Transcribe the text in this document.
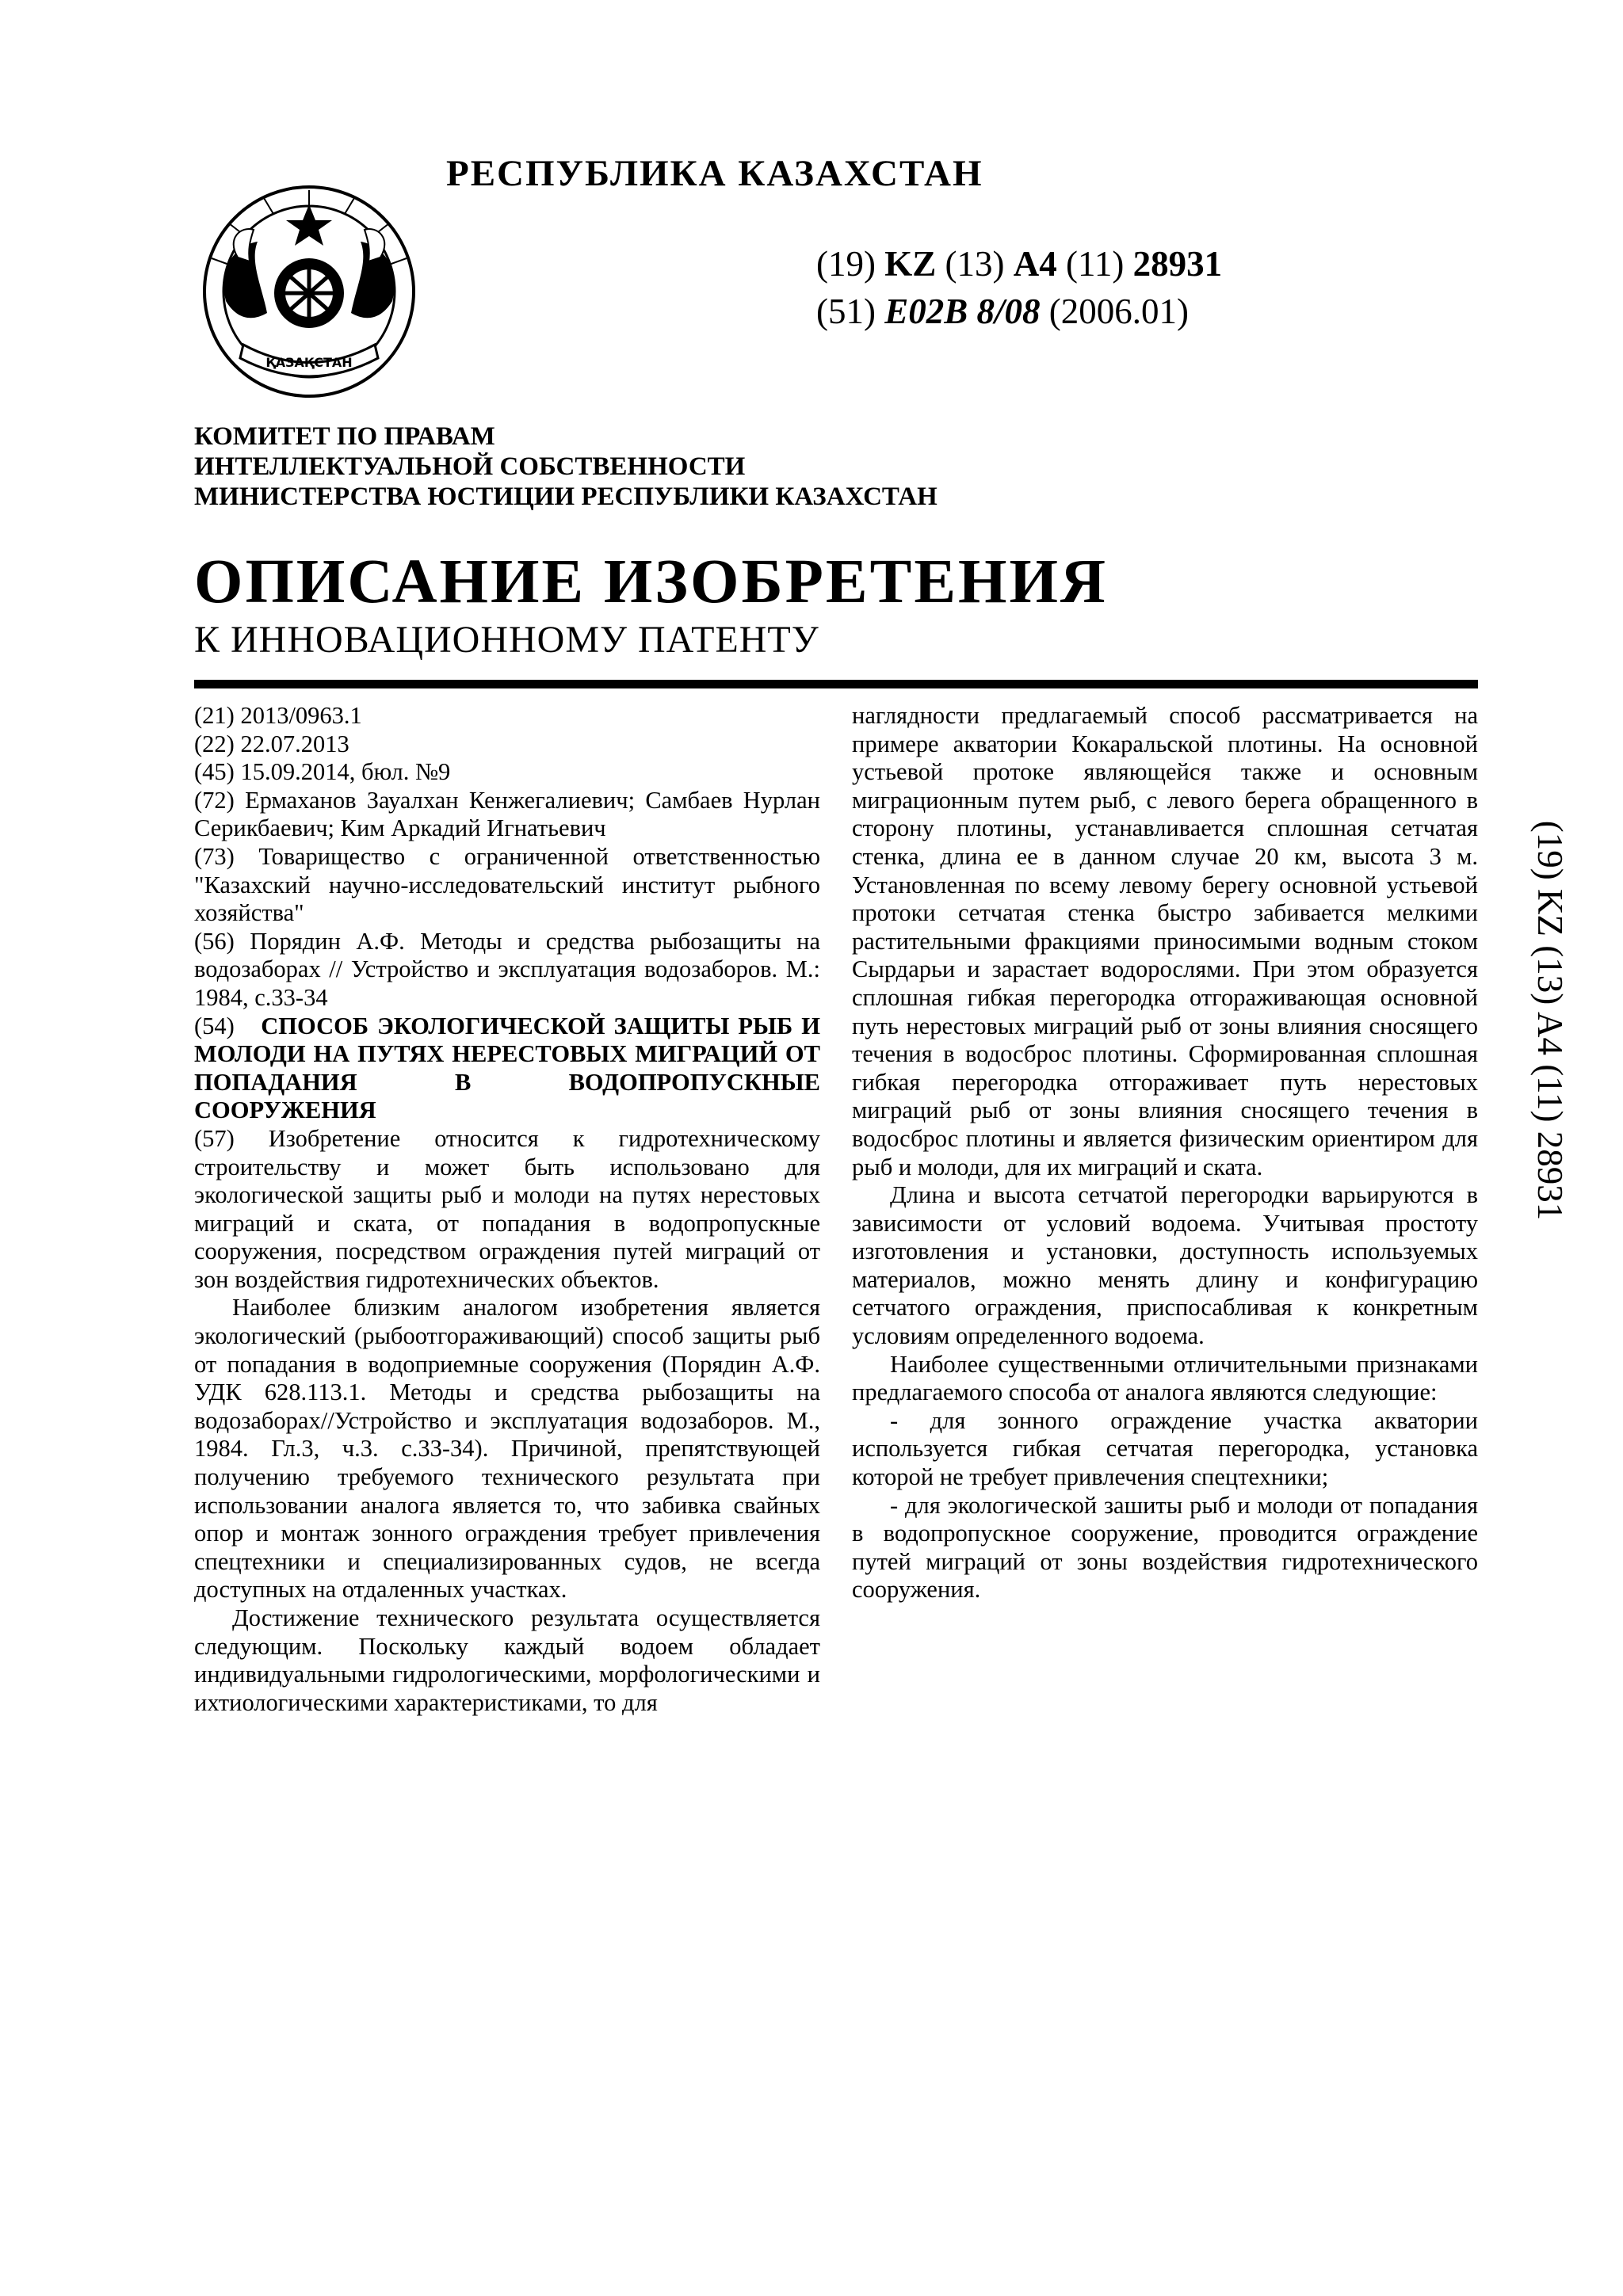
ҚАЗАҚСТАН
РЕСПУБЛИКА КАЗАХСТАН
(19) KZ (13) A4 (11) 28931
(51) E02B 8/08 (2006.01)
КОМИТЕТ ПО ПРАВАМ
ИНТЕЛЛЕКТУАЛЬНОЙ СОБСТВЕННОСТИ
МИНИСТЕРСТВА ЮСТИЦИИ РЕСПУБЛИКИ КАЗАХСТАН
ОПИСАНИЕ ИЗОБРЕТЕНИЯ
К ИННОВАЦИОННОМУ ПАТЕНТУ

(21) 2013/0963.1

(22) 22.07.2013

(45) 15.09.2014, бюл. №9

(72) Ермаханов Зауалхан Кенжегалиевич; Самбаев Нурлан Серикбаевич; Ким Аркадий Игнатьевич

(73) Товарищество с ограниченной ответственностью "Казахский научно-исследовательский институт рыбного хозяйства"

(56) Порядин А.Ф. Методы и средства рыбозащиты на водозаборах // Устройство и эксплуатация водозаборов. М.: 1984, с.33-34

(54) СПОСОБ ЭКОЛОГИЧЕСКОЙ ЗАЩИТЫ РЫБ И МОЛОДИ НА ПУТЯХ НЕРЕСТОВЫХ МИГРАЦИЙ ОТ ПОПАДАНИЯ В ВОДОПРОПУСКНЫЕ СООРУЖЕНИЯ

(57) Изобретение относится к гидротехническому строительству и может быть использовано для экологической защиты рыб и молоди на путях нерестовых миграций и ската, от попадания в водопропускные сооружения, посредством ограждения путей миграций от зон воздействия гидротехнических объектов.

Наиболее близким аналогом изобретения является экологический (рыбоотгораживающий) способ защиты рыб от попадания в водоприемные сооружения (Порядин А.Ф. УДК 628.113.1. Методы и средства рыбозащиты на водозаборах//Устройство и эксплуатация водозаборов. М., 1984. Гл.3, ч.3. с.33-34). Причиной, препятствующей получению требуемого технического результата при использовании аналога является то, что забивка свайных опор и монтаж зонного ограждения требует привлечения спецтехники и специализированных судов, не всегда доступных на отдаленных участках.

Достижение технического результата осуществляется следующим. Поскольку каждый водоем обладает индивидуальными гидрологическими, морфологическими и ихтиологическими характеристиками, то для

наглядности предлагаемый способ рассматривается на примере акватории Кокаральской плотины. На основной устьевой протоке являющейся также и основным миграционным путем рыб, с левого берега обращенного в сторону плотины, устанавливается сплошная сетчатая стенка, длина ее в данном случае 20 км, высота 3 м. Установленная по всему левому берегу основной устьевой протоки сетчатая стенка быстро забивается мелкими растительными фракциями приносимыми водным стоком Сырдарьи и зарастает водорослями. При этом образуется сплошная гибкая перегородка отгораживающая основной путь нерестовых миграций рыб от зоны влияния сносящего течения в водосброс плотины. Сформированная сплошная гибкая перегородка отгораживает путь нерестовых миграций рыб от зоны влияния сносящего течения в водосброс плотины и является физическим ориентиром для рыб и молоди, для их миграций и ската.

Длина и высота сетчатой перегородки варьируются в зависимости от условий водоема. Учитывая простоту изготовления и установки, доступность используемых материалов, можно менять длину и конфигурацию сетчатого ограждения, приспосабливая к конкретным условиям определенного водоема.

Наиболее существенными отличительными признаками предлагаемого способа от аналога являются следующие:

- для зонного ограждение участка акватории используется гибкая сетчатая перегородка, установка которой не требует привлечения спецтехники;

- для экологической зашиты рыб и молоди от попадания в водопропускное сооружение, проводится ограждение путей миграций от зоны воздействия гидротехнического сооружения.

(19) KZ (13) A4 (11) 28931
